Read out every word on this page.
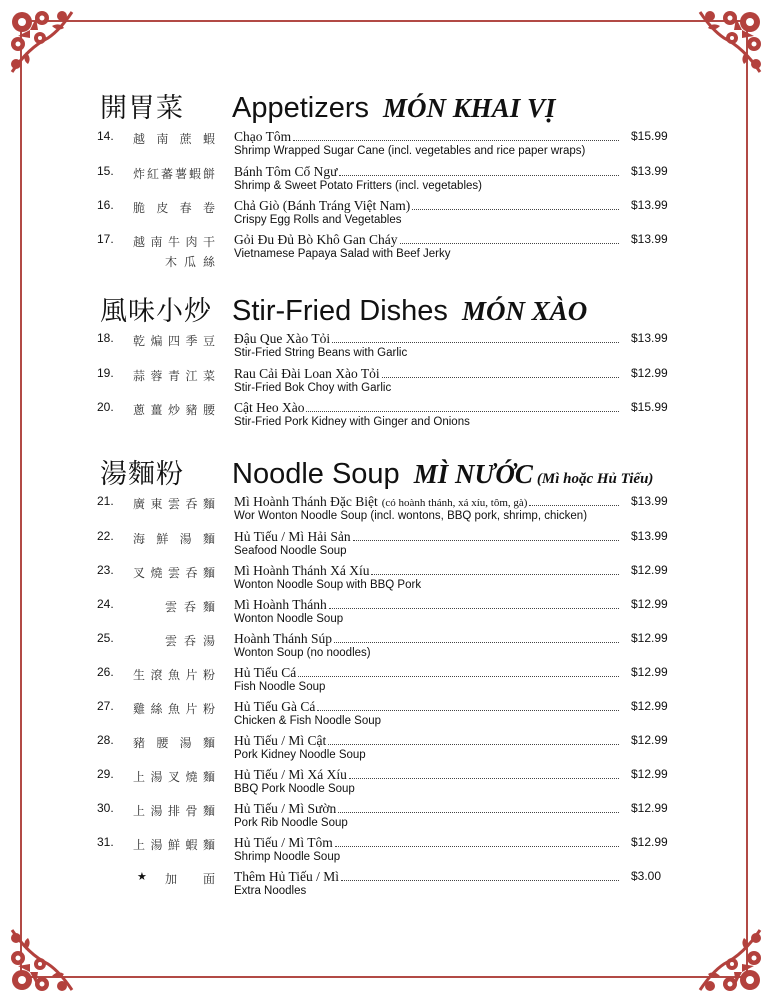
開胃菜	Appetizers MÓN KHAI VỊ
14.	越南蔗蝦 Chạo Tôm
Shrimp Wrapped Sugar Cane (incl. vegetables and rice paper wraps)
$15.99
15.	炸紅蕃薯蝦餅 Bánh Tôm Cổ Ngư
Shrimp & Sweet Potato Fritters (incl. vegetables)
$13.99
16.	脆皮春卷 Chả Giò (Bánh Tráng Việt Nam)
Crispy Egg Rolls and Vegetables
$13.99
17.	越南牛肉干
木瓜絲
Gỏi Đu Đủ Bò Khô Gan Cháy
Vietnamese Papaya Salad with Beef Jerky
$13.99
風味小炒 Stir-Fried Dishes MÓN XÀO
18.	乾煸四季豆 Đậu Que Xào Tỏi
Stir-Fried String Beans with Garlic
$13.99
19.	蒜蓉青江菜 Rau Cải Đài Loan Xào Tỏi
Stir-Fried Bok Choy with Garlic
$12.99
20.	蔥薑炒豬腰 Cật Heo Xào
Stir-Fried Pork Kidney with Ginger and Onions
$15.99
湯麵粉	Noodle Soup MÌ NƯỚC (Mì hoặc Hủ Tiếu)
21.	廣東雲呑麵 Mì Hoành Thánh Đặc Biệt (có hoành thánh, xá xíu, tôm, gà)
Wor Wonton Noodle Soup (incl. wontons, BBQ pork, shrimp, chicken)
$13.99
22.	海鮮湯麵 Hủ Tiếu / Mì Hải Sản
Seafood Noodle Soup
$13.99
23.	叉燒雲呑麵 Mì Hoành Thánh Xá Xíu
Wonton Noodle Soup with BBQ Pork
$12.99
24.	雲呑麵 Mì Hoành Thánh
Wonton Noodle Soup
$12.99
25.	雲呑湯 Hoành Thánh Súp
Wonton Soup (no noodles)
$12.99
26.	生滾魚片粉 Hủ Tiếu Cá
Fish Noodle Soup
$12.99
27.	雞絲魚片粉 Hủ Tiếu Gà Cá
Chicken & Fish Noodle Soup
$12.99
28.	豬腰湯麵 Hủ Tiếu / Mì Cật
Pork Kidney Noodle Soup
$12.99
29.	上湯叉燒麵 Hủ Tiếu / Mì Xá Xíu
BBQ Pork Noodle Soup
$12.99
30.	上湯排骨麵 Hủ Tiếu / Mì Sườn
Pork Rib Noodle Soup
$12.99
31.	上湯鮮蝦麵 Hủ Tiếu / Mì Tôm
Shrimp Noodle Soup
$12.99
★ 加面 Thêm Hủ Tiếu / Mì
Extra Noodles
$3.00
